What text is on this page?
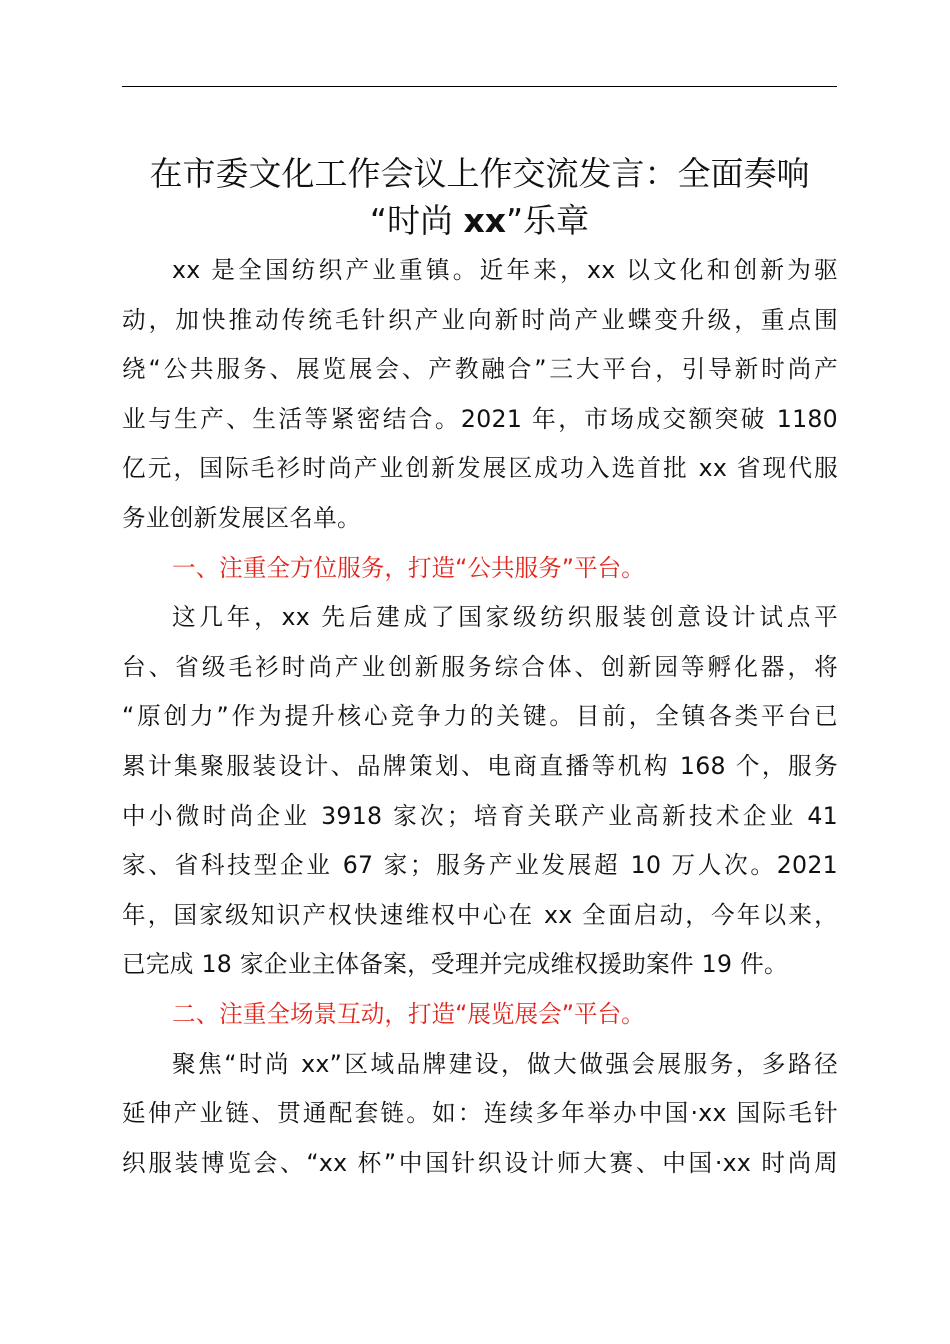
在市委文化工作会议上作交流发言：全面奏响
“时尚 xx”乐章
xx 是全国纺织产业重镇。近年来，xx 以文化和创新为驱
动，加快推动传统毛针织产业向新时尚产业蝶变升级，重点围
绕“公共服务、展览展会、产教融合”三大平台，引导新时尚产
业与生产、生活等紧密结合。2021 年，市场成交额突破 1180
亿元，国际毛衫时尚产业创新发展区成功入选首批 xx 省现代服
务业创新发展区名单。
一、注重全方位服务，打造“公共服务”平台。
这几年，xx 先后建成了国家级纺织服装创意设计试点平
台、省级毛衫时尚产业创新服务综合体、创新园等孵化器，将
“原创力”作为提升核心竞争力的关键。目前，全镇各类平台已
累计集聚服装设计、品牌策划、电商直播等机构 168 个，服务
中小微时尚企业 3918 家次；培育关联产业高新技术企业 41
家、省科技型企业 67 家；服务产业发展超 10 万人次。2021
年，国家级知识产权快速维权中心在 xx 全面启动，今年以来，
已完成 18 家企业主体备案，受理并完成维权援助案件 19 件。
二、注重全场景互动，打造“展览展会”平台。
聚焦“时尚 xx”区域品牌建设，做大做强会展服务，多路径
延伸产业链、贯通配套链。如：连续多年举办中国·xx 国际毛针
织服装博览会、“xx 杯”中国针织设计师大赛、中国·xx 时尚周
